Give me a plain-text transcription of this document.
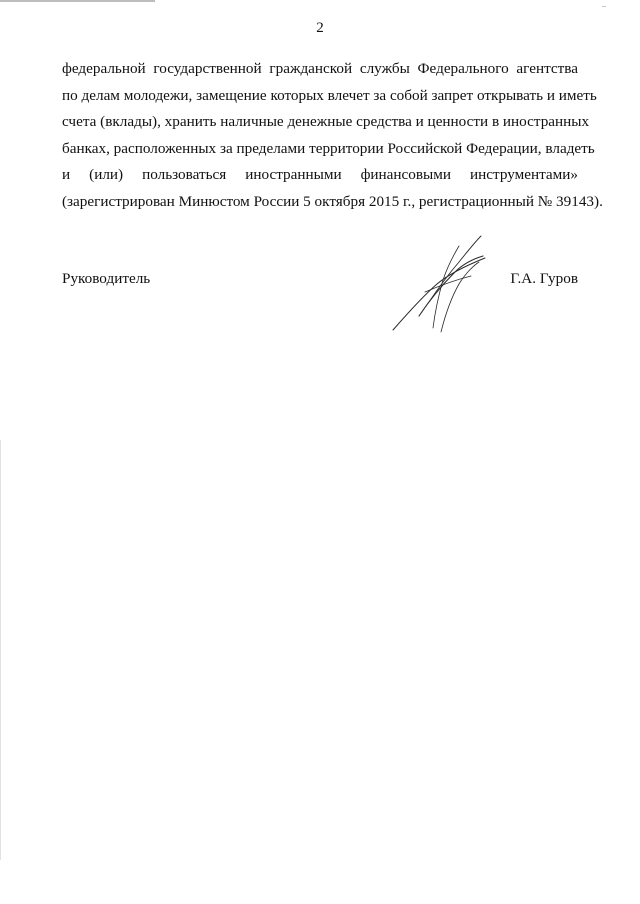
2
федеральной государственной гражданской службы Федерального агентства
по делам молодежи, замещение которых влечет за собой запрет открывать и иметь
счета (вклады), хранить наличные денежные средства и ценности в иностранных
банках, расположенных за пределами территории Российской Федерации, владеть
и (или) пользоваться иностранными финансовыми инструментами»
(зарегистрирован Минюстом России 5 октября 2015 г., регистрационный № 39143).
Руководитель	Г.А. Гуров
